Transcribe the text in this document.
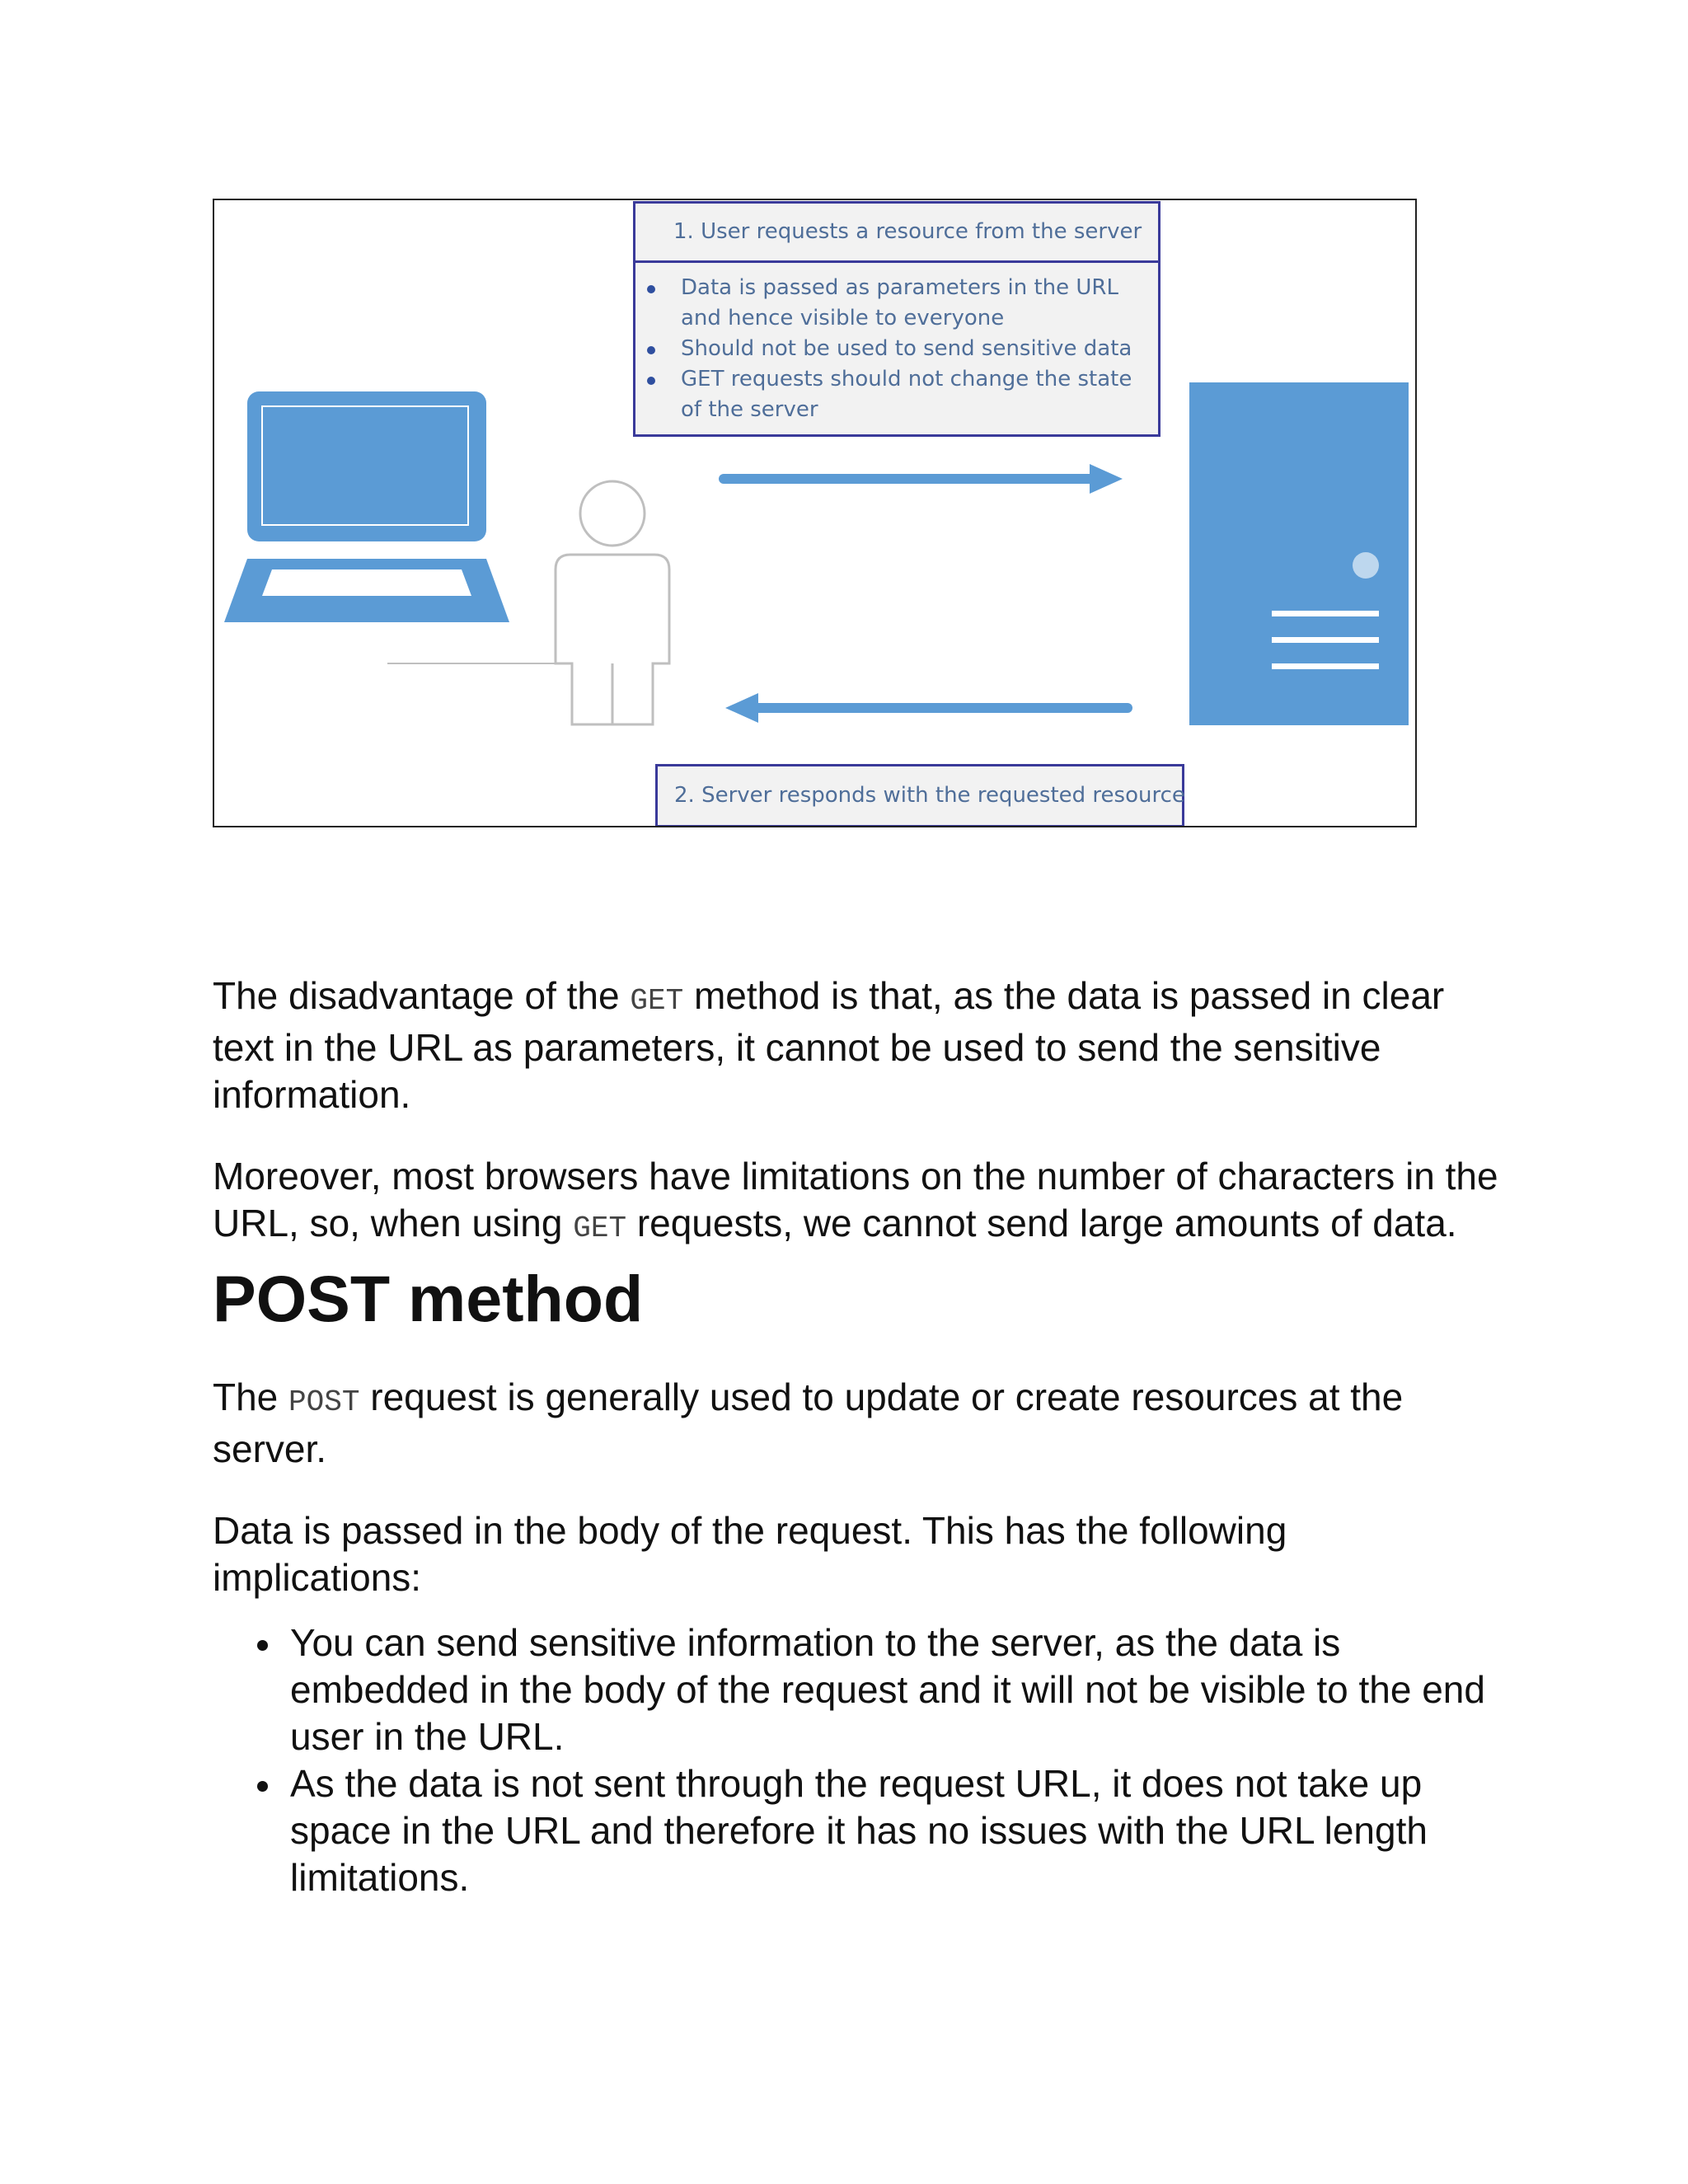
1. User requests a resource from the server
Data is passed as parameters in the URL and hence visible to everyone
Should not be used to send sensitive data
GET requests should not change the state of the server
2. Server responds with the requested resource

The disadvantage of the GET method is that, as the data is passed in clear text in the URL as parameters, it cannot be used to send the sensitive information.

Moreover, most browsers have limitations on the number of characters in the URL, so, when using GET requests, we cannot send large amounts of data.

POST method

The POST request is generally used to update or create resources at the server.

Data is passed in the body of the request. This has the following implications:

You can send sensitive information to the server, as the data is embedded in the body of the request and it will not be visible to the end user in the URL.
As the data is not sent through the request URL, it does not take up space in the URL and therefore it has no issues with the URL length limitations.
